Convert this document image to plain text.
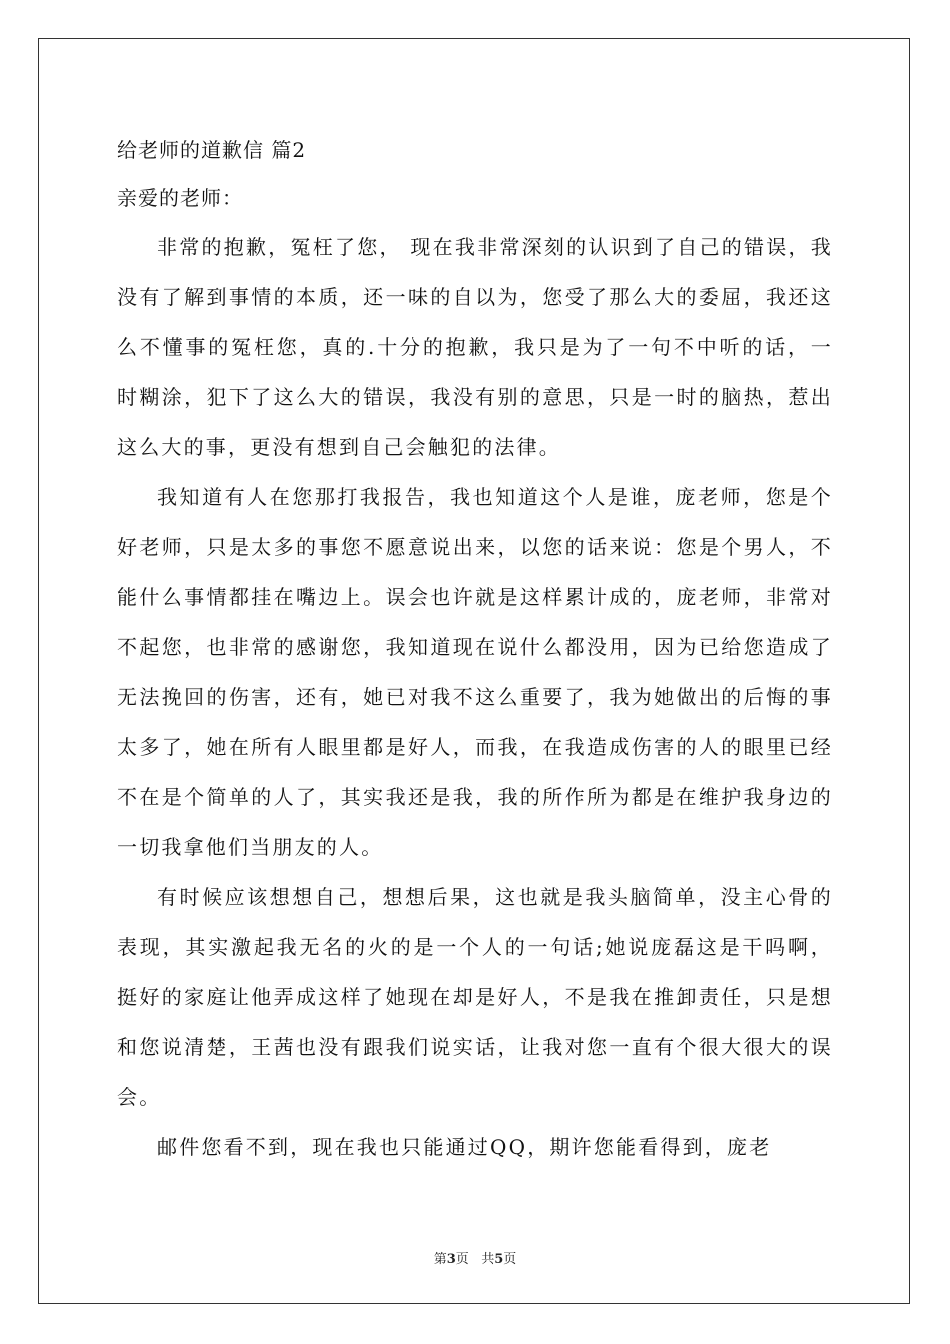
给老师的道歉信 篇2

亲爱的老师：

非常的抱歉，冤枉了您， 现在我非常深刻的认识到了自己的错误，我没有了解到事情的本质，还一味的自以为，您受了那么大的委屈，我还这么不懂事的冤枉您，真的.十分的抱歉，我只是为了一句不中听的话，一时糊涂，犯下了这么大的错误，我没有别的意思，只是一时的脑热，惹出这么大的事，更没有想到自己会触犯的法律。

我知道有人在您那打我报告，我也知道这个人是谁，庞老师，您是个好老师，只是太多的事您不愿意说出来，以您的话来说：您是个男人，不能什么事情都挂在嘴边上。误会也许就是这样累计成的，庞老师，非常对不起您，也非常的感谢您，我知道现在说什么都没用，因为已给您造成了无法挽回的伤害，还有，她已对我不这么重要了，我为她做出的后悔的事太多了，她在所有人眼里都是好人，而我，在我造成伤害的人的眼里已经不在是个简单的人了，其实我还是我，我的所作所为都是在维护我身边的一切我拿他们当朋友的人。

有时候应该想想自己，想想后果，这也就是我头脑简单，没主心骨的表现，其实激起我无名的火的是一个人的一句话;她说庞磊这是干吗啊，挺好的家庭让他弄成这样了她现在却是好人，不是我在推卸责任，只是想和您说清楚，王茜也没有跟我们说实话，让我对您一直有个很大很大的误会。

邮件您看不到，现在我也只能通过QQ，期许您能看得到，庞老

第3页   共5页
